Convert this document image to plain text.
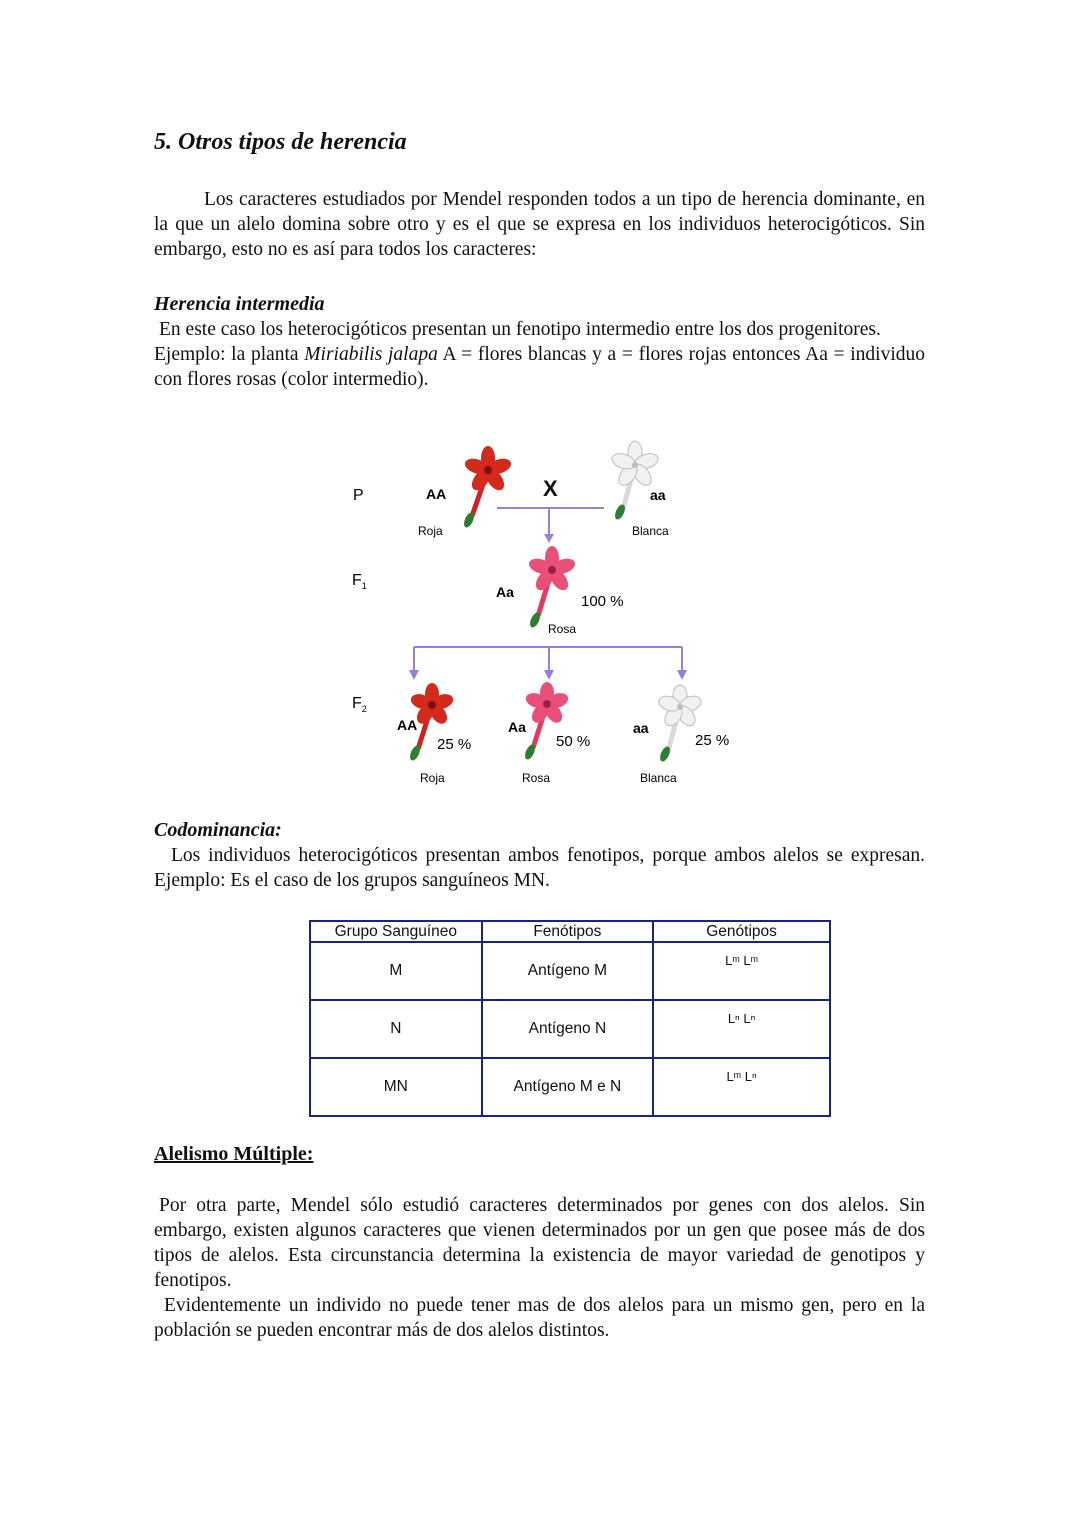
5. Otros tipos de herencia

Los caracteres estudiados por Mendel responden todos a un tipo de herencia dominante, en la que un alelo domina sobre otro y es el que se expresa en los individuos heterocigóticos. Sin embargo, esto no es así para todos los caracteres:

Herencia intermedia

En este caso los heterocigóticos presentan un fenotipo intermedio entre los dos progenitores.

Ejemplo: la planta Miriabilis jalapa A = flores blancas y a = flores rojas entonces Aa = individuo con flores rosas (color intermedio).

P
$F_1$
$F_2$
AA
Roja
X	aa
Blanca
Aa
100 %
Rosa
AA
25 %
Roja
Aa
50 %
Rosa
aa
25 %
Blanca

Codominancia:

Los individuos heterocigóticos presentan ambos fenotipos, porque ambos alelos se expresan. Ejemplo: Es el caso de los grupos sanguíneos MN.

Grupo Sanguíneo	Fenótipos	Genótipos
M	Antígeno M	Lᵐ Lᵐ
N	Antígeno N	Lⁿ Lⁿ
MN	Antígeno M e N	Lᵐ Lⁿ
Alelismo Múltiple:

Por otra parte, Mendel sólo estudió caracteres determinados por genes con dos alelos. Sin embargo, existen algunos caracteres que vienen determinados por un gen que posee más de dos tipos de alelos. Esta circunstancia determina la existencia de mayor variedad de genotipos y fenotipos.

Evidentemente un individo no puede tener mas de dos alelos para un mismo gen, pero en la población se pueden encontrar más de dos alelos distintos.
